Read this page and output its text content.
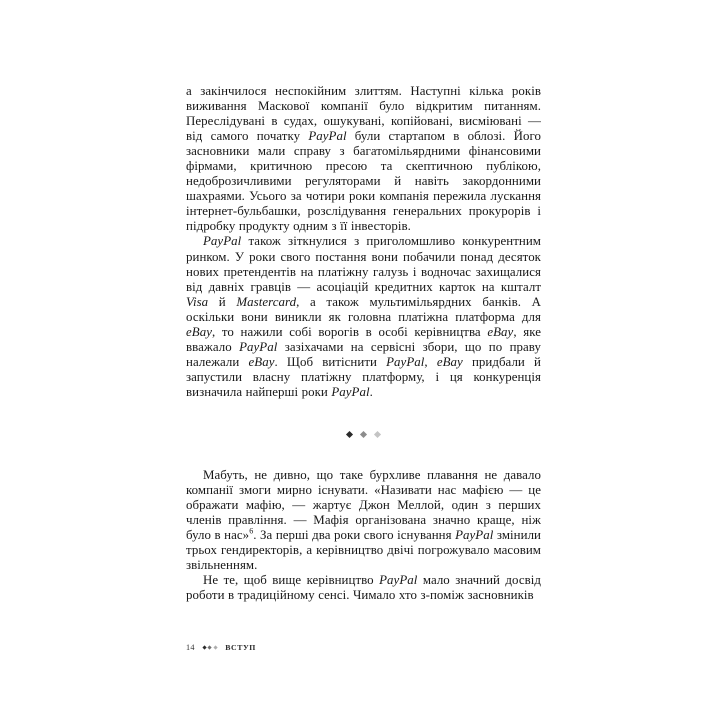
а закінчилося неспокійним злиттям. Наступні кілька років виживання Маскової компанії було відкритим питанням. Переслідувані в судах, ошукувані, копійовані, висміювані — від самого початку PayPal були стартапом в облозі. Його засновники мали справу з багатомільярдними фінансовими фірмами, критичною пресою та скептичною публікою, недоброзичливими регуляторами й навіть закордонними шахраями. Усього за чотири роки компанія пережила лускання інтернет-бульбашки, розслідування генеральних прокурорів і підробку продукту одним з її інвесторів.

PayPal також зіткнулися з приголомшливо конкурентним ринком. У роки свого постання вони побачили понад десяток нових претендентів на платіжну галузь і водночас захищалися від давніх гравців — асоціацій кредитних карток на кшталт Visa й Mastercard, а також мультимільярдних банків. А оскільки вони виникли як головна платіжна платформа для eBay, то нажили собі ворогів в особі керівництва eBay, яке вважало PayPal зазіхачами на сервісні збори, що по праву належали eBay. Щоб витіснити PayPal, eBay придбали й запустили власну платіжну платформу, і ця конкуренція визначила найперші роки PayPal.

Мабуть, не дивно, що таке бурхливе плавання не давало компанії змоги мирно існувати. «Називати нас мафією — це ображати мафію, — жартує Джон Меллой, один з перших членів правління. — Мафія організована значно краще, ніж було в нас»$^6$. За перші два роки свого існування PayPal змінили трьох гендиректорів, а керівництво двічі погрожувало масовим звільненням.

Не те, щоб вище керівництво PayPal мало значний досвід роботи в традиційному сенсі. Чимало хто з-поміж засновників

14	ВСТУП
